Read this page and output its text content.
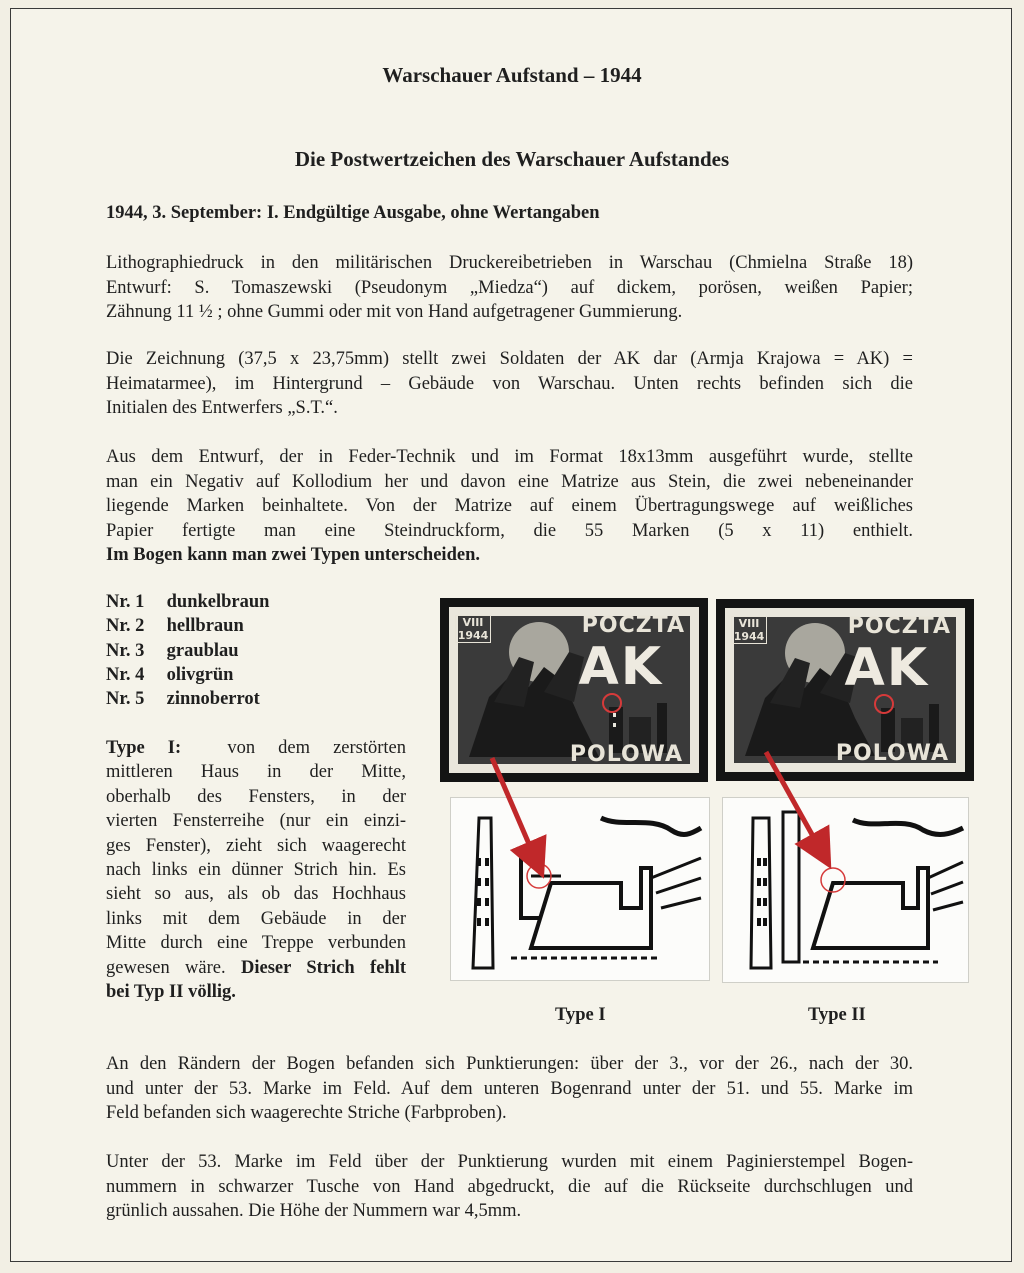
Warschauer Aufstand – 1944
Die Postwertzeichen des Warschauer Aufstandes
1944, 3. September: I. Endgültige Ausgabe, ohne Wertangaben
Lithographiedruck in den militärischen Druckereibetrieben in Warschau (Chmielna Straße 18)
Entwurf: S. Tomaszewski (Pseudonym „Miedza“) auf dickem, porösen, weißen Papier;
Zähnung 11 ½ ; ohne Gummi oder mit von Hand aufgetragener Gummierung.
Die Zeichnung (37,5 x 23,75mm) stellt zwei Soldaten der AK dar (Armja Krajowa = AK) =
Heimatarmee), im Hintergrund – Gebäude von Warschau. Unten rechts befinden sich die
Initialen des Entwerfers „S.T.“.
Aus dem Entwurf, der in Feder-Technik und im Format 18x13mm ausgeführt wurde, stellte
man ein Negativ auf Kollodium her und davon eine Matrize aus Stein, die zwei nebeneinander
liegende Marken beinhaltete. Von der Matrize auf einem Übertragungswege auf weißliches
Papier fertigte man eine Steindruckform, die 55 Marken (5 x 11) enthielt.
Im Bogen kann man zwei Typen unterscheiden.
Nr. 1 dunkelbraun
Nr. 2 hellbraun
Nr. 3 graublau
Nr. 4 olivgrün
Nr. 5 zinnoberrot
Type I: von dem zerstörten
mittleren Haus in der Mitte,
oberhalb des Fensters, in der
vierten Fensterreihe (nur ein einzi-
ges Fenster), zieht sich waagerecht
nach links ein dünner Strich hin. Es
sieht so aus, als ob das Hochhaus
links mit dem Gebäude in der
Mitte durch eine Treppe verbunden
gewesen wäre. Dieser Strich fehlt
bei Typ II völlig.
VIII 1944	POCZTA
AK
POLOWA
VIII 1944	POCZTA
AK
POLOWA
Type I	Type II
An den Rändern der Bogen befanden sich Punktierungen: über der 3., vor der 26., nach der 30.
und unter der 53. Marke im Feld. Auf dem unteren Bogenrand unter der 51. und 55. Marke im
Feld befanden sich waagerechte Striche (Farbproben).
Unter der 53. Marke im Feld über der Punktierung wurden mit einem Paginierstempel Bogen-
nummern in schwarzer Tusche von Hand abgedruckt, die auf die Rückseite durchschlugen und
grünlich aussahen. Die Höhe der Nummern war 4,5mm.
